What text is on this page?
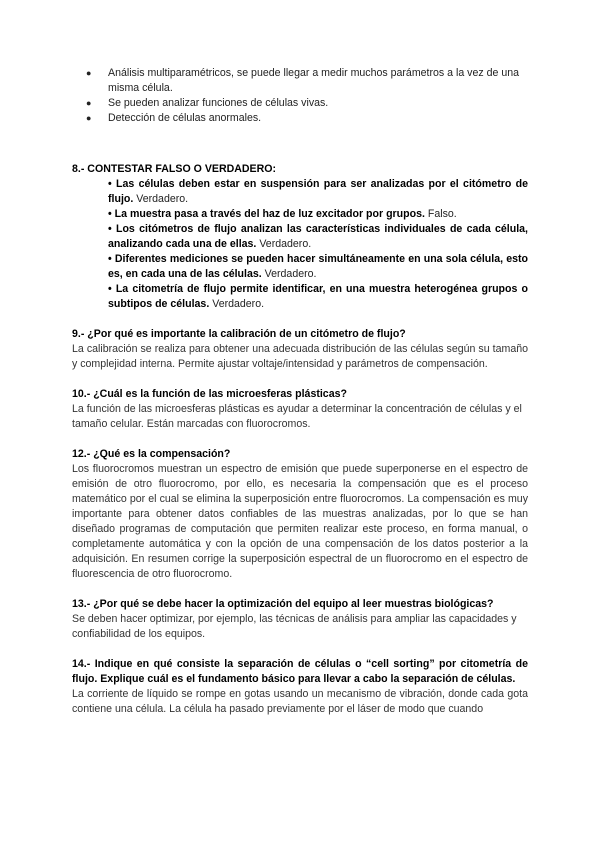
● Análisis multiparamétricos, se puede llegar a medir muchos parámetros a la vez de una misma célula.
● Se pueden analizar funciones de células vivas.
● Detección de células anormales.
8.- CONTESTAR FALSO O VERDADERO:
• Las células deben estar en suspensión para ser analizadas por el citómetro de flujo. Verdadero.
• La muestra pasa a través del haz de luz excitador por grupos. Falso.
• Los citómetros de flujo analizan las características individuales de cada célula, analizando cada una de ellas. Verdadero.
• Diferentes mediciones se pueden hacer simultáneamente en una sola célula, esto es, en cada una de las células. Verdadero.
• La citometría de flujo permite identificar, en una muestra heterogénea grupos o subtipos de células. Verdadero.
9.- ¿Por qué es importante la calibración de un citómetro de flujo?
La calibración se realiza para obtener una adecuada distribución de las células según su tamaño y complejidad interna. Permite ajustar voltaje/intensidad y parámetros de compensación.
10.- ¿Cuál es la función de las microesferas plásticas?
La función de las microesferas plásticas es ayudar a determinar la concentración de células y el tamaño celular. Están marcadas con fluorocromos.
12.- ¿Qué es la compensación?
Los fluorocromos muestran un espectro de emisión que puede superponerse en el espectro de emisión de otro fluorocromo, por ello, es necesaria la compensación que es el proceso matemático por el cual se elimina la superposición entre fluorocromos. La compensación es muy importante para obtener datos confiables de las muestras analizadas, por lo que se han diseñado programas de computación que permiten realizar este proceso, en forma manual, o completamente automática y con la opción de una compensación de los datos posterior a la adquisición. En resumen corrige la superposición espectral de un fluorocromo en el espectro de fluorescencia de otro fluorocromo.
13.- ¿Por qué se debe hacer la optimización del equipo al leer muestras biológicas?
Se deben hacer optimizar, por ejemplo, las técnicas de análisis para ampliar las capacidades y confiabilidad de los equipos.
14.- Indique en qué consiste la separación de células o “cell sorting” por citometría de flujo. Explique cuál es el fundamento básico para llevar a cabo la separación de células.
La corriente de líquido se rompe en gotas usando un mecanismo de vibración, donde cada gota contiene una célula. La célula ha pasado previamente por el láser de modo que cuando
